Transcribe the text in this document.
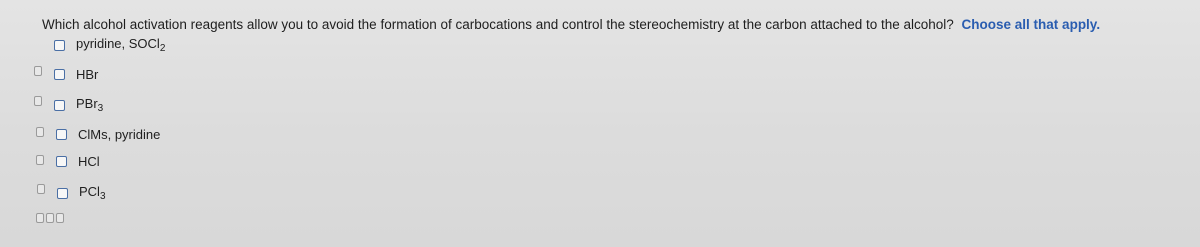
Which alcohol activation reagents allow you to avoid the formation of carbocations and control the stereochemistry at the carbon attached to the alcohol? Choose all that apply.
pyridine, SOCl$_2$
HBr
PBr$_3$
ClMs, pyridine
HCl
PCl$_3$
